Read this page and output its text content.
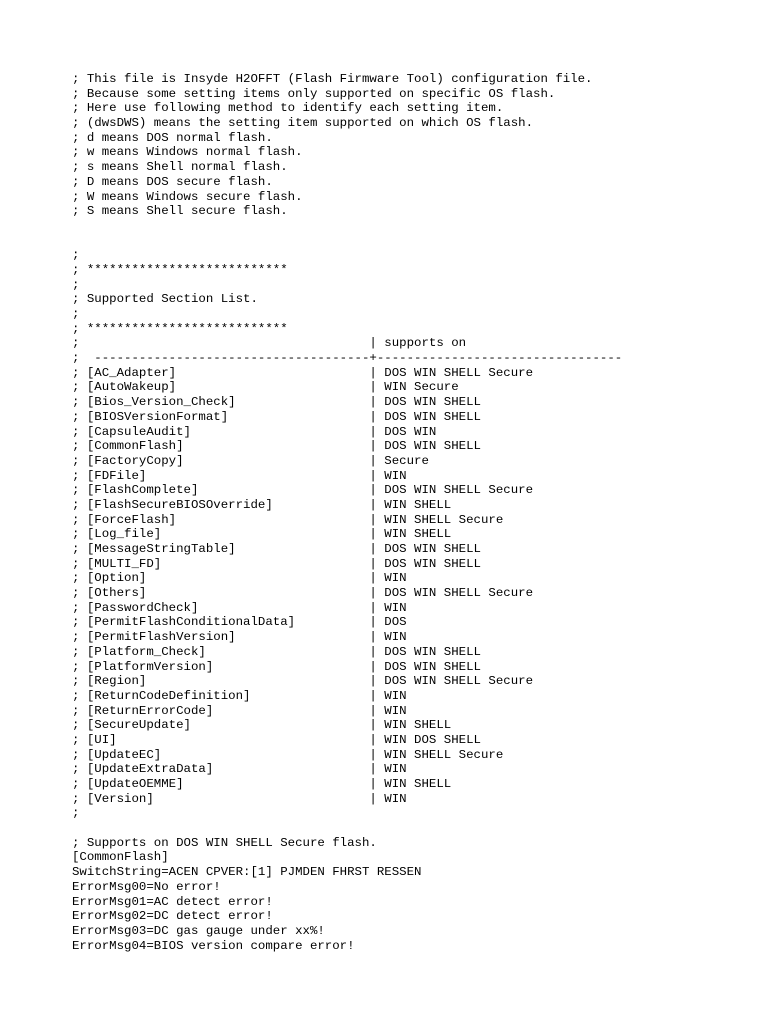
; This file is Insyde H2OFFT (Flash Firmware Tool) configuration file.
; Because some setting items only supported on specific OS flash.
; Here use following method to identify each setting item.
; (dwsDWS) means the setting item supported on which OS flash.
; d means DOS normal flash.
; w means Windows normal flash.
; s means Shell normal flash.
; D means DOS secure flash.
; W means Windows secure flash.
; S means Shell secure flash.
;
; ***************************
;
; Supported Section List.
;
; ***************************
;                                       | supports on
;  -------------------------------------+---------------------------------
; [AC_Adapter]                          | DOS WIN SHELL Secure
; [AutoWakeup]                          | WIN Secure
; [Bios_Version_Check]                  | DOS WIN SHELL
; [BIOSVersionFormat]                   | DOS WIN SHELL
; [CapsuleAudit]                        | DOS WIN
; [CommonFlash]                         | DOS WIN SHELL
; [FactoryCopy]                         | Secure
; [FDFile]                              | WIN
; [FlashComplete]                       | DOS WIN SHELL Secure
; [FlashSecureBIOSOverride]             | WIN SHELL
; [ForceFlash]                          | WIN SHELL Secure
; [Log_file]                            | WIN SHELL
; [MessageStringTable]                  | DOS WIN SHELL
; [MULTI_FD]                            | DOS WIN SHELL
; [Option]                              | WIN
; [Others]                              | DOS WIN SHELL Secure
; [PasswordCheck]                       | WIN
; [PermitFlashConditionalData]          | DOS
; [PermitFlashVersion]                  | WIN
; [Platform_Check]                      | DOS WIN SHELL
; [PlatformVersion]                     | DOS WIN SHELL
; [Region]                              | DOS WIN SHELL Secure
; [ReturnCodeDefinition]                | WIN
; [ReturnErrorCode]                     | WIN
; [SecureUpdate]                        | WIN SHELL
; [UI]                                  | WIN DOS SHELL
; [UpdateEC]                            | WIN SHELL Secure
; [UpdateExtraData]                     | WIN
; [UpdateOEMME]                         | WIN SHELL
; [Version]                             | WIN
;
; Supports on DOS WIN SHELL Secure flash.
[CommonFlash]
SwitchString=ACEN CPVER:[1] PJMDEN FHRST RESSEN
ErrorMsg00=No error!
ErrorMsg01=AC detect error!
ErrorMsg02=DC detect error!
ErrorMsg03=DC gas gauge under xx%!
ErrorMsg04=BIOS version compare error!
